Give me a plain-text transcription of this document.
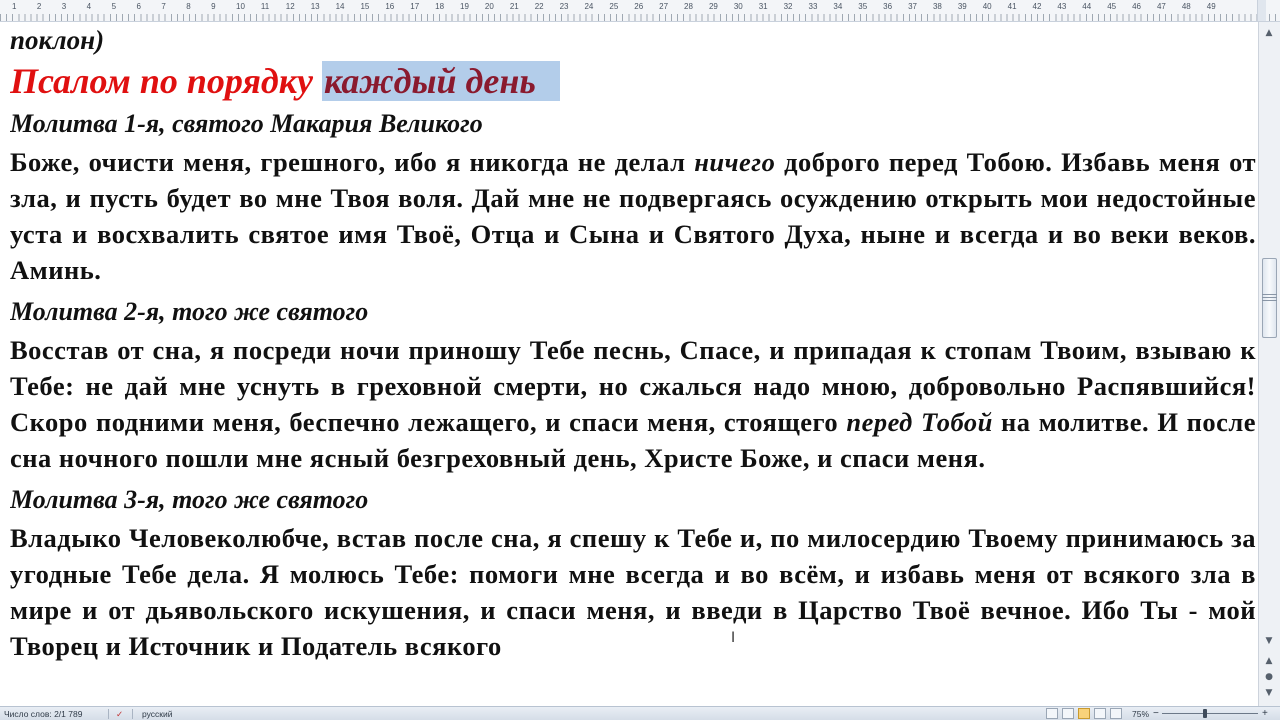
1	2	3	4	5	6	7	8	9	10	11	12	13	14	15	16	17	18	19	20	21	22	23	24	25	26	27	28	29	30	31	32	33	34	35	36	37	38	39	40	41	42	43	44	45	46	47	48	49

поклон)

Псалом по порядку каждый день

Молитва 1-я, святого Макария Великого

Боже, очисти меня, грешного, ибо я никогда не делал ничего доброго перед Тобою. Избавь меня от зла, и пусть будет во мне Твоя воля. Дай мне не подвергаясь осуждению открыть мои недостойные уста и восхвалить святое имя Твоё, Отца и Сына и Святого Духа, ныне и всегда и во веки веков. Аминь.

Молитва 2-я, того же святого

Восстав от сна, я посреди ночи приношу Тебе песнь, Спасе, и припадая к стопам Твоим, взываю к Тебе: не дай мне уснуть в греховной смерти, но сжалься надо мною, добровольно Распявшийся! Скоро подними меня, беспечно лежащего, и спаси меня, стоящего перед Тобой на молитве. И после сна ночного пошли мне ясный безгреховный день, Христе Боже, и спаси меня.

Молитва 3-я, того же святого

Владыко Человеколюбче, встав после сна, я спешу к Тебе и, по милосердию Твоему принимаюсь за угодные Тебе дела. Я молюсь Тебе: помоги мне всегда и во всём, и избавь меня от всякого зла в мире и от дьявольского искушения, и спаси меня, и введи в Царство Твоё вечное. Ибо Ты - мой Творец и Источник и Податель всякого	I
▲
▼
▲
●
▼
Число слов: 2/1 789	✓ русский	75% −	+
